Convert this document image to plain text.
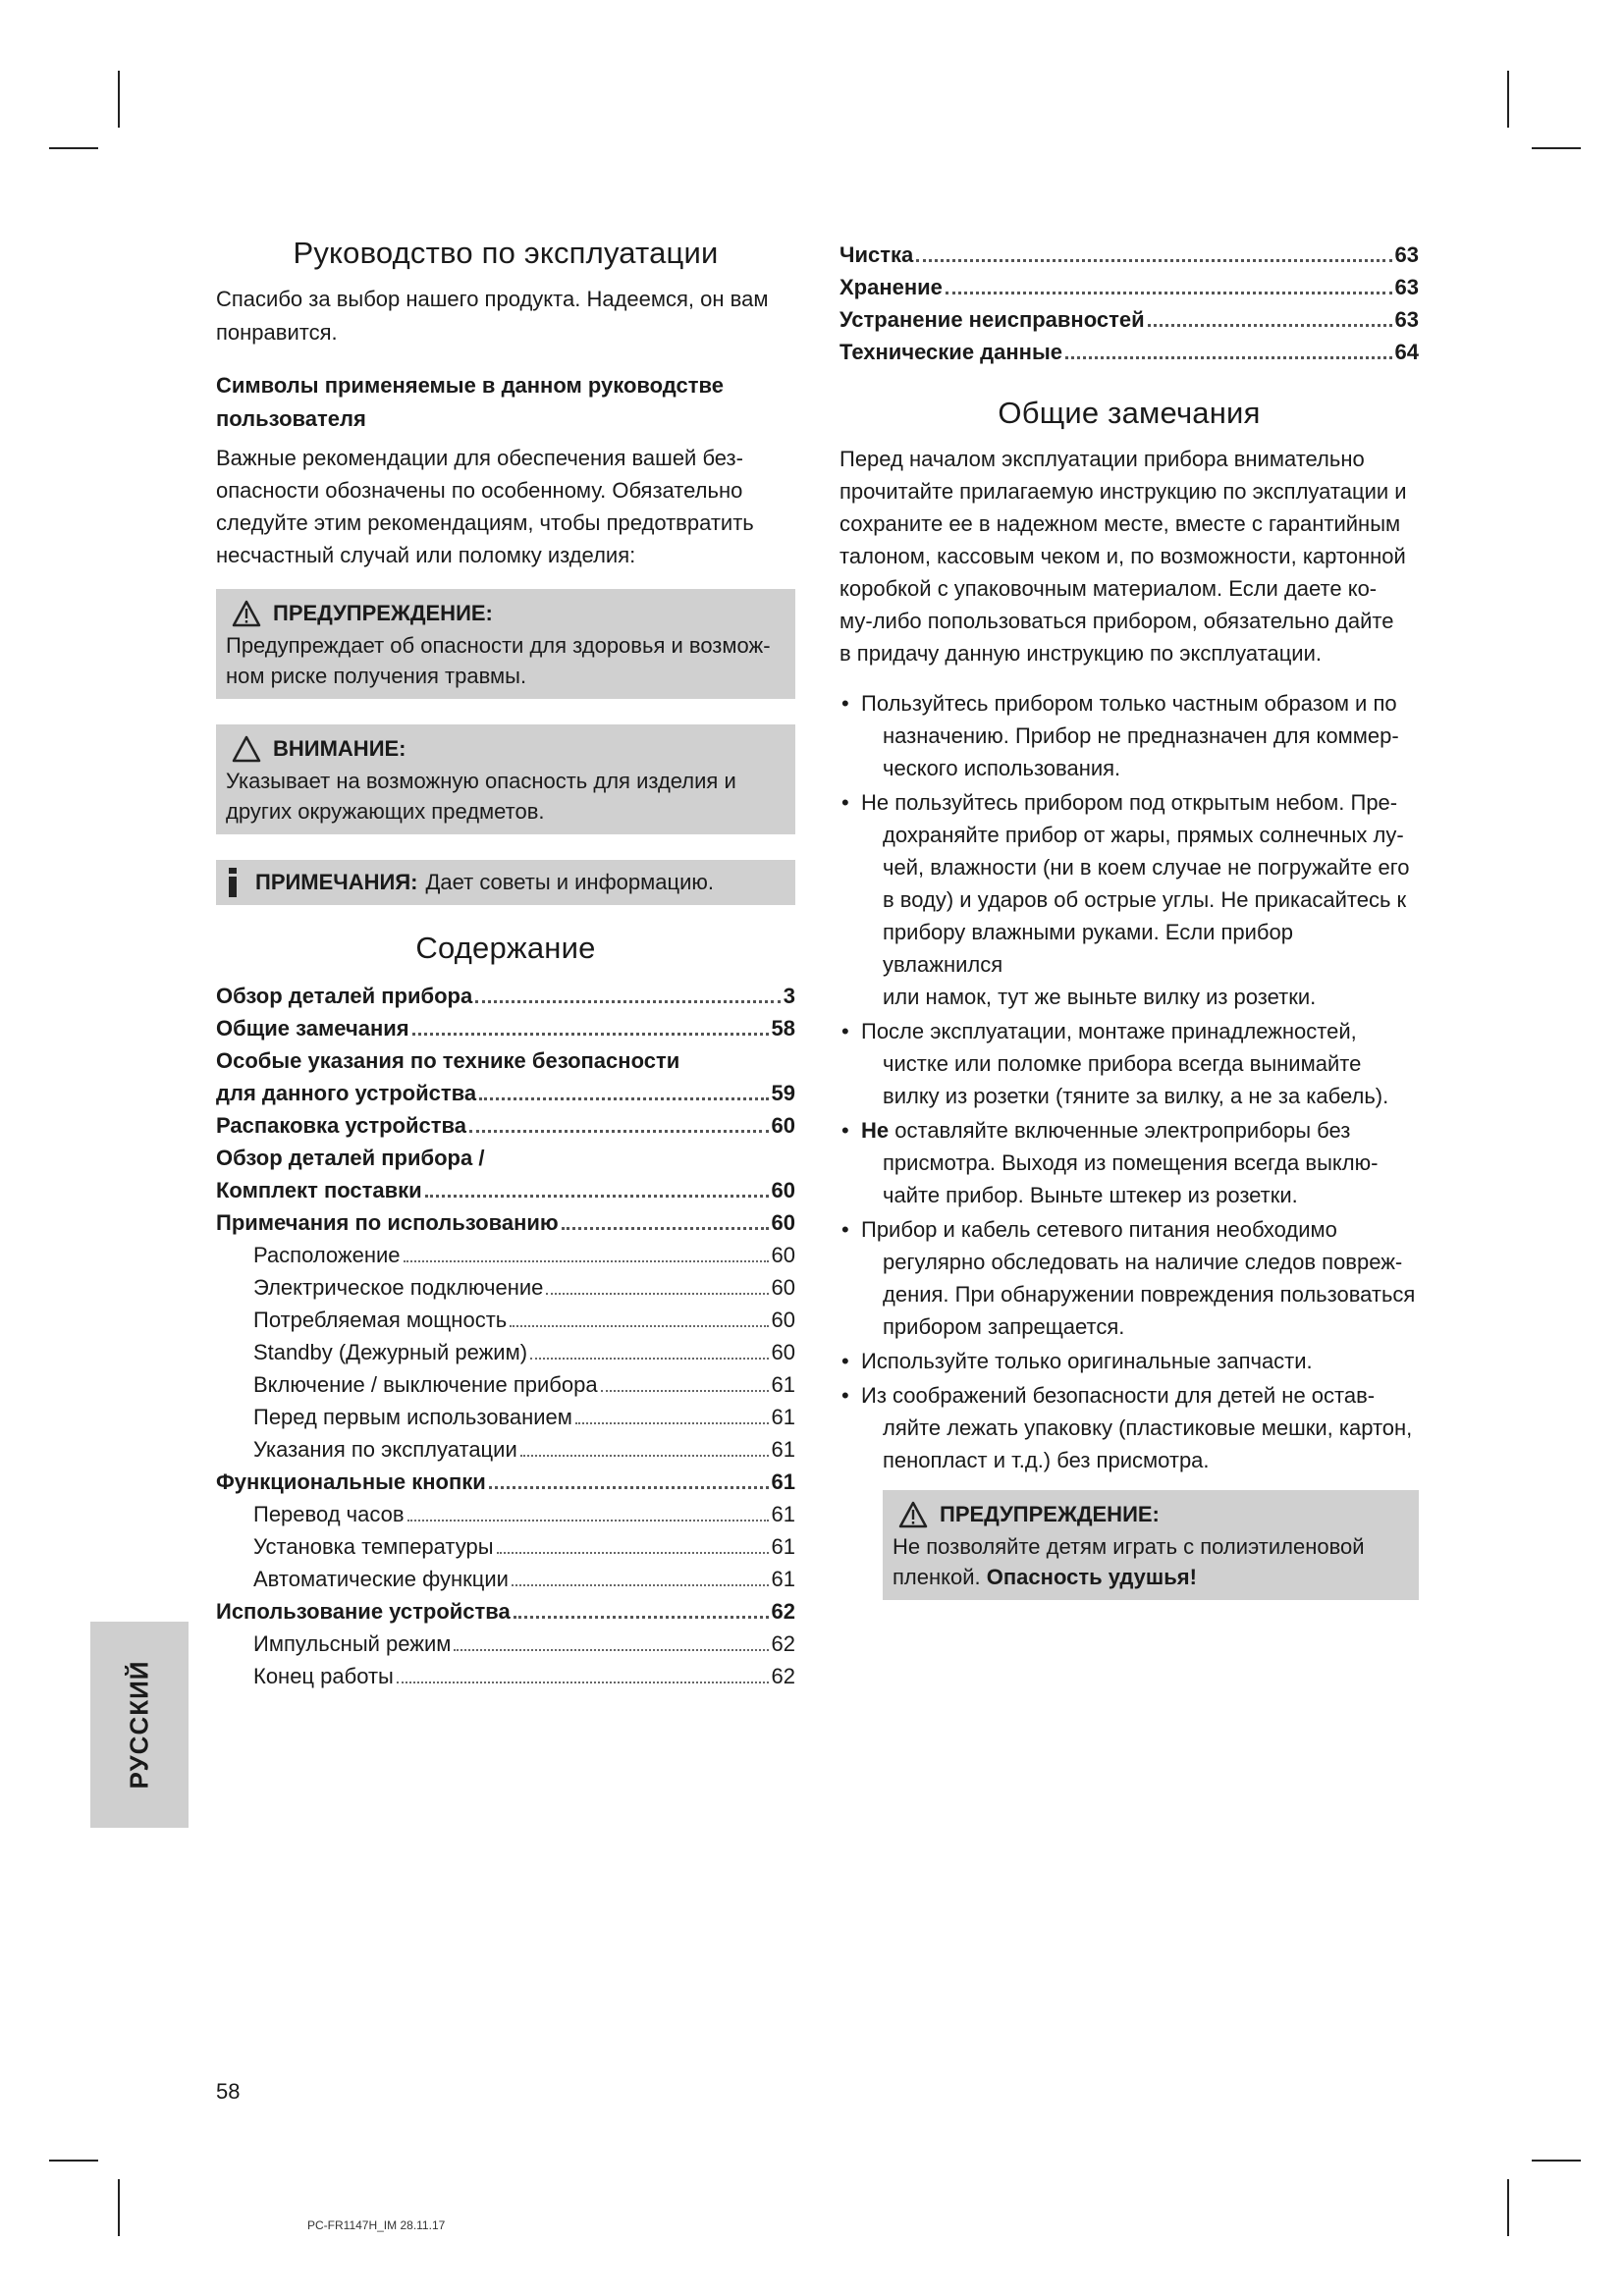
Руководство по эксплуатации
Спасибо за выбор нашего продукта. Надеемся, он вам
понравится.
Символы применяемые в данном руководстве
пользователя

Важные рекомендации для обеспечения вашей без-
опасности обозначены по особенному. Обязательно
следуйте этим рекомендациям, чтобы предотвратить
несчастный случай или поломку изделия:

ПРЕДУПРЕЖДЕНИЕ:
Предупреждает об опасности для здоровья и возмож-
ном риске получения травмы.
ВНИМАНИЕ:
Указывает на возможную опасность для изделия и
других окружающих предметов.
ПРИМЕЧАНИЯ: Дает советы и информацию.
Содержание
Обзор деталей прибора	3
Общие замечания	58
Особые указания по технике безопасности
для данного устройства	59
Распаковка устройства	60
Обзор деталей прибора /
Комплект поставки	60
Примечания по использованию	60
Расположение	60
Электрическое подключение	60
Потребляемая мощность	60
Standby (Дежурный режим)	60
Включение / выключение прибора	61
Перед первым использованием	61
Указания по эксплуатации	61
Функциональные кнопки	61
Перевод часов	61
Установка температуры	61
Автоматические функции	61
Использование устройства	62
Импульсный режим	62
Конец работы	62
Чистка	63
Хранение	63
Устранение неисправностей	63
Технические данные	64
Общие замечания

Перед началом эксплуатации прибора внимательно
прочитайте прилагаемую инструкцию по эксплуатации и
сохраните ее в надежном месте, вместе с гарантийным
талоном, кассовым чеком и, по возможности, картонной
коробкой с упаковочным материалом. Если даете ко-
му-либо попользоваться прибором, обязательно дайте
в придачу данную инструкцию по эксплуатации.

• Пользуйтесь прибором только частным образом и по
назначению. Прибор не предназначен для коммер-
ческого использования.
• Не пользуйтесь прибором под открытым небом. Пре-
дохраняйте прибор от жары, прямых солнечных лу-
чей, влажности (ни в коем случае не погружайте его
в воду) и ударов об острые углы. Не прикасайтесь к
прибору влажными руками. Если прибор увлажнился
или намок, тут же выньте вилку из розетки.
• После эксплуатации, монтаже принадлежностей,
чистке или поломке прибора всегда вынимайте
вилку из розетки (тяните за вилку, а не за кабель).
• Не оставляйте включенные электроприборы без
присмотра. Выходя из помещения всегда выклю-
чайте прибор. Выньте штекер из розетки.
• Прибор и кабель сетевого питания необходимо
регулярно обследовать на наличие следов повреж-
дения. При обнаружении повреждения пользоваться
прибором запрещается.
• Используйте только оригинальные запчасти.
• Из соображений безопасности для детей не остав-
ляйте лежать упаковку (пластиковые мешки, картон,
пенопласт и т.д.) без присмотра.
ПРЕДУПРЕЖДЕНИЕ:
Не позволяйте детям играть с полиэтиленовой
пленкой. Опасность удушья!
РУССКИЙ
58
PC-FR1147H_IM 28.11.17
